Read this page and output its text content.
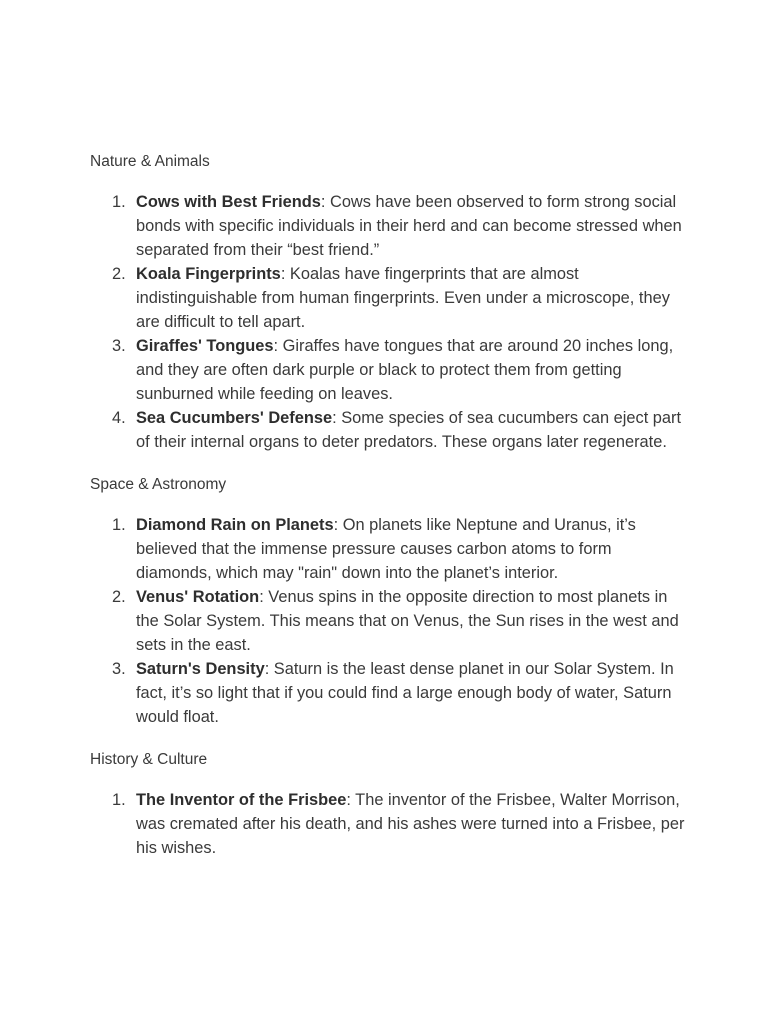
Nature & Animals
1. Cows with Best Friends: Cows have been observed to form strong social bonds with specific individuals in their herd and can become stressed when separated from their “best friend.”
2. Koala Fingerprints: Koalas have fingerprints that are almost indistinguishable from human fingerprints. Even under a microscope, they are difficult to tell apart.
3. Giraffes' Tongues: Giraffes have tongues that are around 20 inches long, and they are often dark purple or black to protect them from getting sunburned while feeding on leaves.
4. Sea Cucumbers' Defense: Some species of sea cucumbers can eject part of their internal organs to deter predators. These organs later regenerate.
Space & Astronomy
1. Diamond Rain on Planets: On planets like Neptune and Uranus, it’s believed that the immense pressure causes carbon atoms to form diamonds, which may "rain" down into the planet’s interior.
2. Venus' Rotation: Venus spins in the opposite direction to most planets in the Solar System. This means that on Venus, the Sun rises in the west and sets in the east.
3. Saturn's Density: Saturn is the least dense planet in our Solar System. In fact, it’s so light that if you could find a large enough body of water, Saturn would float.
History & Culture
1. The Inventor of the Frisbee: The inventor of the Frisbee, Walter Morrison, was cremated after his death, and his ashes were turned into a Frisbee, per his wishes.
